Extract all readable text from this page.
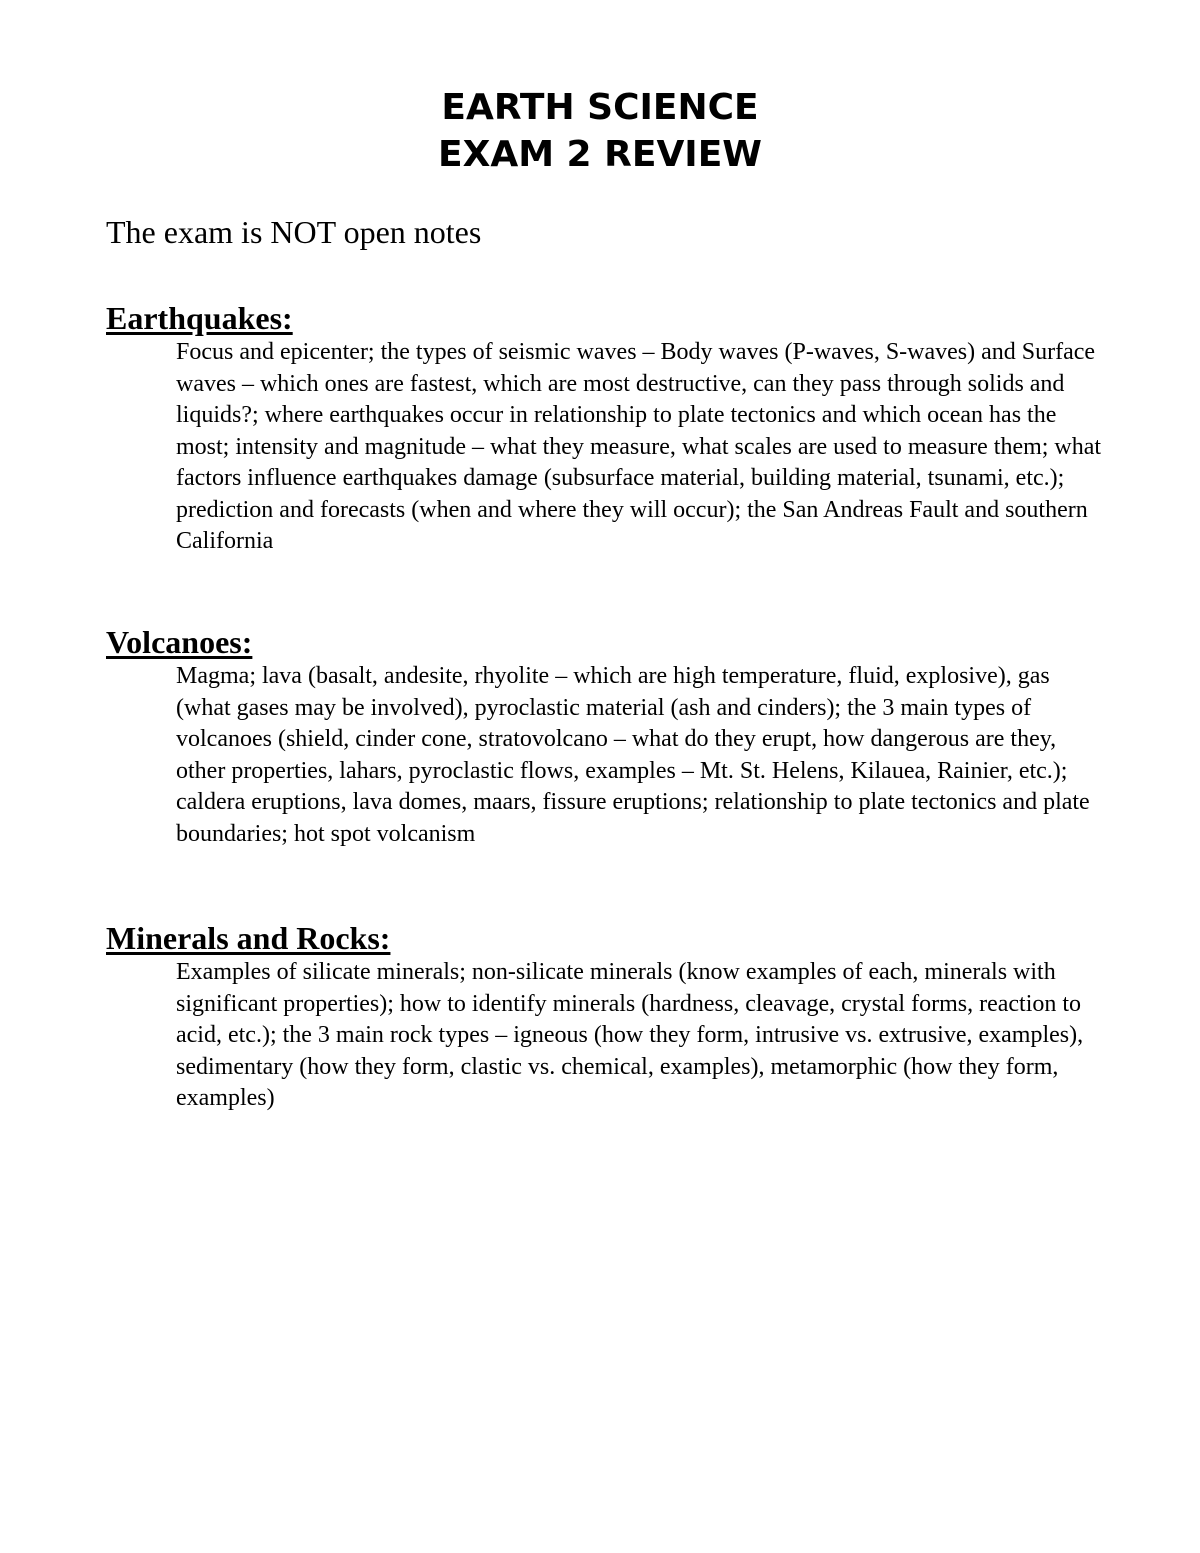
EARTH SCIENCE
EXAM 2 REVIEW

The exam is NOT open notes

Earthquakes:

Focus and epicenter; the types of seismic waves – Body waves (P-waves, S-waves) and Surface waves – which ones are fastest, which are most destructive, can they pass through solids and liquids?; where earthquakes occur in relationship to plate tectonics and which ocean has the most; intensity and magnitude – what they measure, what scales are used to measure them; what factors influence earthquakes damage (subsurface material, building material, tsunami, etc.); prediction and forecasts (when and where they will occur); the San Andreas Fault and southern California

Volcanoes:

Magma; lava (basalt, andesite, rhyolite – which are high temperature, fluid, explosive), gas (what gases may be involved), pyroclastic material (ash and cinders); the 3 main types of volcanoes (shield, cinder cone, stratovolcano – what do they erupt, how dangerous are they, other properties, lahars, pyroclastic flows, examples – Mt. St. Helens, Kilauea, Rainier, etc.); caldera eruptions, lava domes, maars, fissure eruptions; relationship to plate tectonics and plate boundaries; hot spot volcanism

Minerals and Rocks:

Examples of silicate minerals; non-silicate minerals (know examples of each, minerals with significant properties); how to identify minerals (hardness, cleavage, crystal forms, reaction to acid, etc.); the 3 main rock types – igneous (how they form, intrusive vs. extrusive, examples), sedimentary (how they form, clastic vs. chemical, examples), metamorphic (how they form, examples)
